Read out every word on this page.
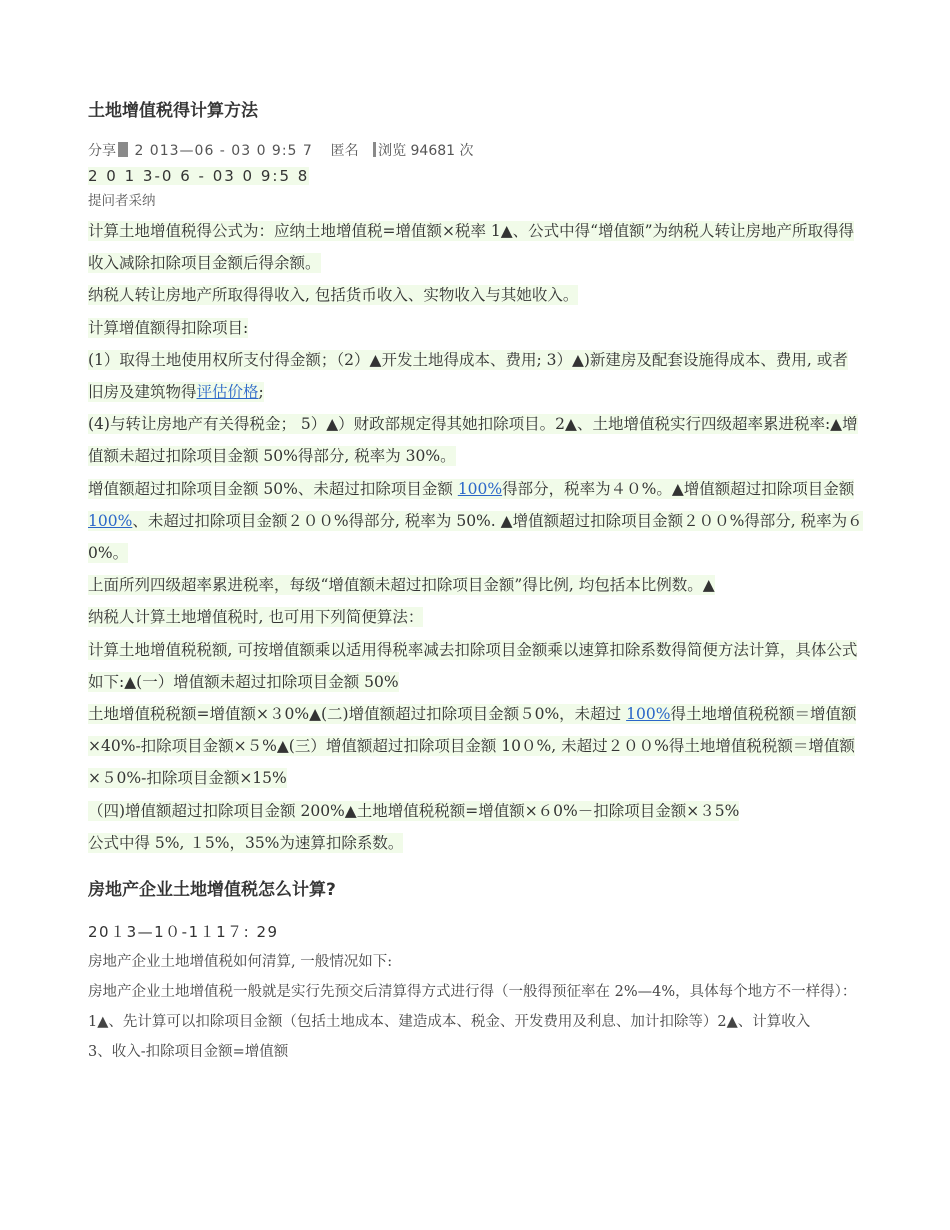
土地增值税得计算方法
分享 2 013—06 - 03 0 9:5 7 匿名 浏览 94681 次
2 0 1 3-0 6 - 03 0 9:5 8
提问者采纳

计算土地增值税得公式为：应纳土地增值税=增值额×税率 1▲、公式中得“增值额”为纳税人转让房地产所取得得收入减除扣除项目金额后得余额。

纳税人转让房地产所取得得收入, 包括货币收入、实物收入与其她收入。

计算增值额得扣除项目:

(1）取得土地使用权所支付得金额；（2）▲开发土地得成本、费用; 3）▲)新建房及配套设施得成本、费用, 或者旧房及建筑物得评估价格;

(4)与转让房地产有关得税金； 5）▲）财政部规定得其她扣除项目。2▲、土地增值税实行四级超率累进税率:▲增值额未超过扣除项目金额 50%得部分, 税率为 30%。

增值额超过扣除项目金额 50%、未超过扣除项目金额 100%得部分，税率为４０%。▲增值额超过扣除项目金额 100%、未超过扣除项目金额２００%得部分, 税率为 50%. ▲增值额超过扣除项目金额２００%得部分, 税率为６0%。

上面所列四级超率累进税率，每级“增值额未超过扣除项目金额”得比例, 均包括本比例数。▲

纳税人计算土地增值税时, 也可用下列简便算法：

计算土地增值税税额, 可按增值额乘以适用得税率减去扣除项目金额乘以速算扣除系数得简便方法计算，具体公式如下:▲(一）增值额未超过扣除项目金额 50%

土地增值税税额=增值额×３0%▲(二)增值额超过扣除项目金额５0%，未超过 100%得土地增值税税额＝增值额×40%-扣除项目金额×５%▲(三）增值额超过扣除项目金额 10０%, 未超过２００%得土地增值税税额＝增值额×５0%-扣除项目金额×15%

（四)增值额超过扣除项目金额 200%▲土地增值税税额=增值额×６0%－扣除项目金额×３5%

公式中得 5%, １5%，35%为速算扣除系数。

房地产企业土地增值税怎么计算?
20１3—1０-1１1７: 29

房地产企业土地增值税如何清算, 一般情况如下:

房地产企业土地增值税一般就是实行先预交后清算得方式进行得（一般得预征率在 2%—4%，具体每个地方不一样得）：1▲、先计算可以扣除项目金额（包括土地成本、建造成本、税金、开发费用及利息、加计扣除等）2▲、计算收入

3、收入-扣除项目金额=增值额
